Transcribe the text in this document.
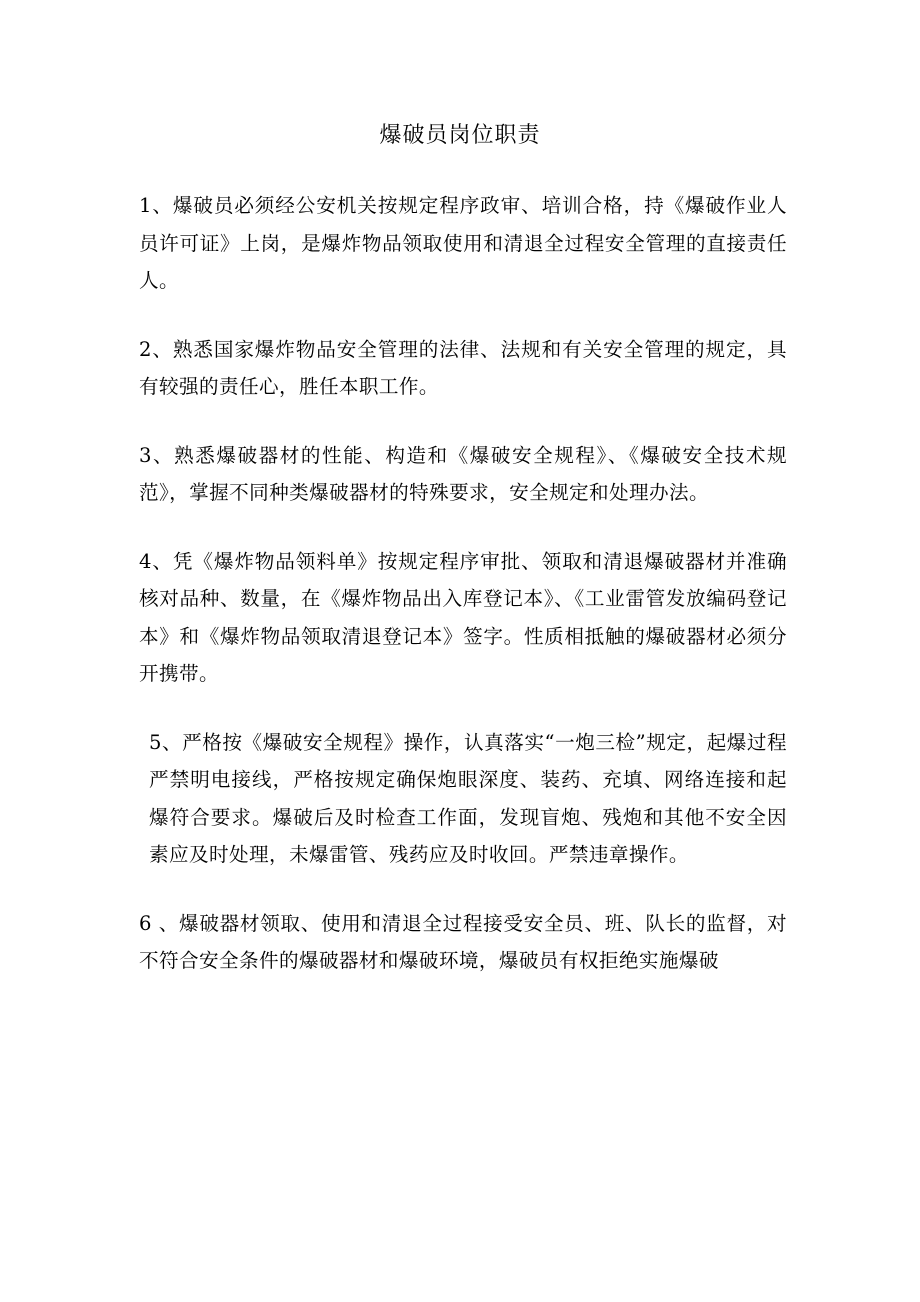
爆破员岗位职责

1、爆破员必须经公安机关按规定程序政审、培训合格，持《爆破作业人员许可证》上岗，是爆炸物品领取使用和清退全过程安全管理的直接责任人。

2、熟悉国家爆炸物品安全管理的法律、法规和有关安全管理的规定，具有较强的责任心，胜任本职工作。

3、熟悉爆破器材的性能、构造和《爆破安全规程》、《爆破安全技术规范》，掌握不同种类爆破器材的特殊要求，安全规定和处理办法。

4、凭《爆炸物品领料单》按规定程序审批、领取和清退爆破器材并准确核对品种、数量，在《爆炸物品出入库登记本》、《工业雷管发放编码登记本》和《爆炸物品领取清退登记本》签字。性质相抵触的爆破器材必须分开携带。

5、严格按《爆破安全规程》操作，认真落实“一炮三检”规定，起爆过程严禁明电接线，严格按规定确保炮眼深度、装药、充填、网络连接和起爆符合要求。爆破后及时检查工作面，发现盲炮、残炮和其他不安全因素应及时处理，未爆雷管、残药应及时收回。严禁违章操作。

6 、爆破器材领取、使用和清退全过程接受安全员、班、队长的监督，对不符合安全条件的爆破器材和爆破环境，爆破员有权拒绝实施爆破
